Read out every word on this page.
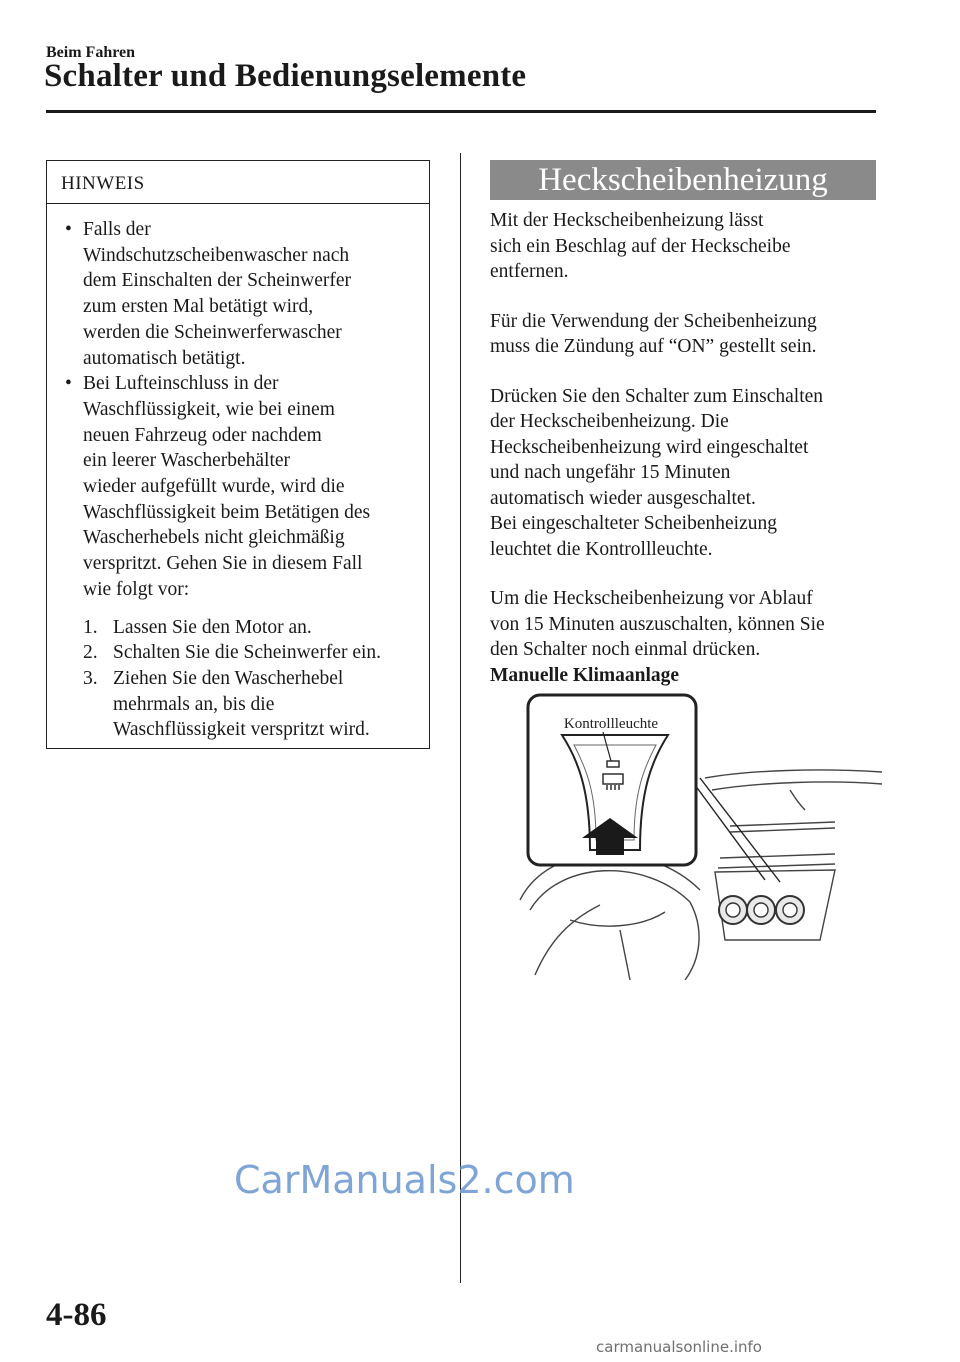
Beim Fahren
Schalter und Bedienungselemente
HINWEIS
• Falls der
Windschutzscheibenwascher nach
dem Einschalten der Scheinwerfer
zum ersten Mal betätigt wird,
werden die Scheinwerferwascher
automatisch betätigt.
• Bei Lufteinschluss in der
Waschflüssigkeit, wie bei einem
neuen Fahrzeug oder nachdem
ein leerer Wascherbehälter
wieder aufgefüllt wurde, wird die
Waschflüssigkeit beim Betätigen des
Wascherhebels nicht gleichmäßig
verspritzt. Gehen Sie in diesem Fall
wie folgt vor:
1. Lassen Sie den Motor an.
2. Schalten Sie die Scheinwerfer ein.
3. Ziehen Sie den Wascherhebel
mehrmals an, bis die
Waschflüssigkeit verspritzt wird.
Heckscheibenheizung

Mit der Heckscheibenheizung lässt
sich ein Beschlag auf der Heckscheibe
entfernen.

Für die Verwendung der Scheibenheizung
muss die Zündung auf “ON” gestellt sein.

Drücken Sie den Schalter zum Einschalten
der Heckscheibenheizung. Die
Heckscheibenheizung wird eingeschaltet
und nach ungefähr 15 Minuten
automatisch wieder ausgeschaltet.
Bei eingeschalteter Scheibenheizung
leuchtet die Kontrollleuchte.

Um die Heckscheibenheizung vor Ablauf
von 15 Minuten auszuschalten, können Sie
den Schalter noch einmal drücken.

Manuelle Klimaanlage

Kontrollleuchte
4-86
CarManuals2.com
carmanualsonline.info
